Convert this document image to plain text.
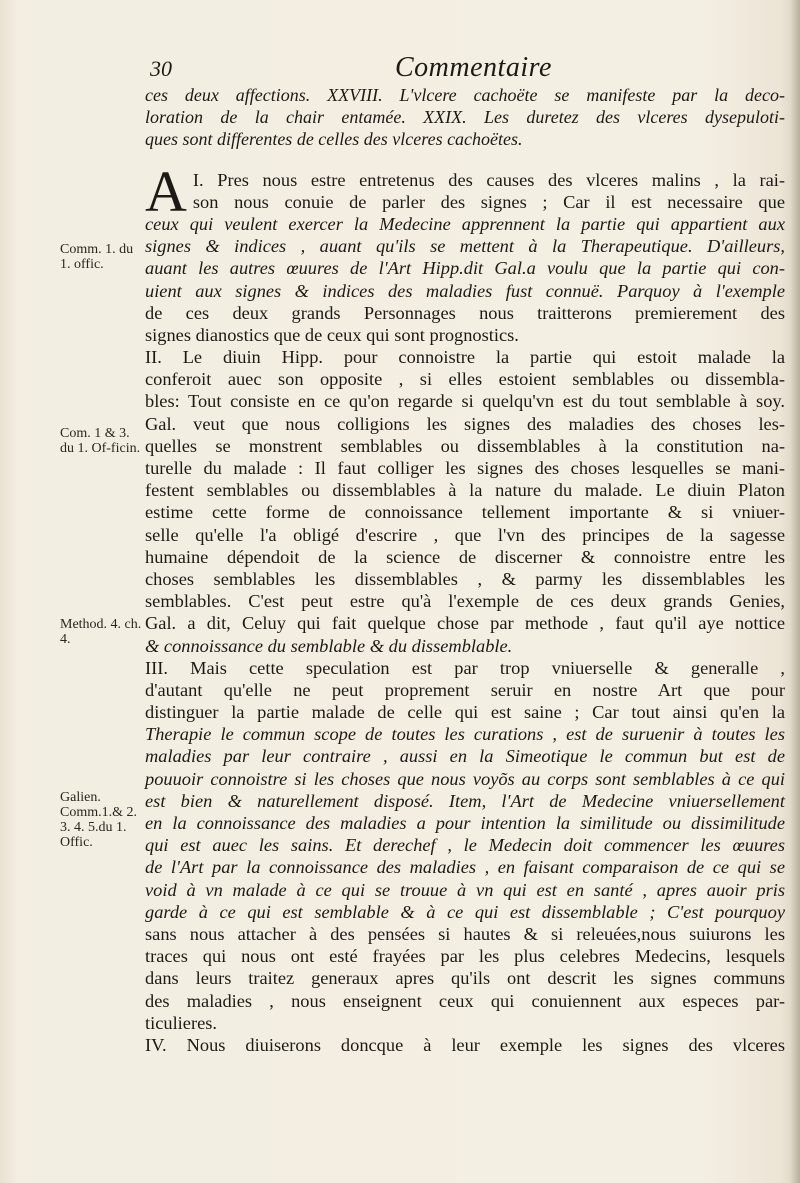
30	Commentaire
ces deux affections. XXVIII. L'vlcere cachoëte se manifeste par la deco-
loration de la chair entamée. XXIX. Les duretez des vlceres dysepuloti-
ques sont differentes de celles des vlceres cachoëtes.
I.
A Pres nous estre entretenus des causes des vlceres malins , la rai-
son nous conuie de parler des signes ; Car il est necessaire que
ceux qui veulent exercer la Medecine apprennent la partie qui appartient aux
signes & indices , auant qu'ils se mettent à la Therapeutique. D'ailleurs,
auant les autres œuures de l'Art Hipp.dit Gal.a voulu que la partie qui con-
uient aux signes & indices des maladies fust connuë. Parquoy à l'exemple
de ces deux grands Personnages nous traitterons premierement des
signes dianostics que de ceux qui sont prognostics.
II. Le diuin Hipp. pour connoistre la partie qui estoit malade la
conferoit auec son opposite , si elles estoient semblables ou dissembla-
bles: Tout consiste en ce qu'on regarde si quelqu'vn est du tout semblable à soy.
Gal. veut que nous colligions les signes des maladies des choses les-
quelles se monstrent semblables ou dissemblables à la constitution na-
turelle du malade : Il faut colliger les signes des choses lesquelles se mani-
festent semblables ou dissemblables à la nature du malade. Le diuin Platon
estime cette forme de connoissance tellement importante & si vniuer-
selle qu'elle l'a obligé d'escrire , que l'vn des principes de la sagesse
humaine dépendoit de la science de discerner & connoistre entre les
choses semblables les dissemblables , & parmy les dissemblables les
semblables. C'est peut estre qu'à l'exemple de ces deux grands Genies,
Gal. a dit, Celuy qui fait quelque chose par methode , faut qu'il aye nottice
& connoissance du semblable & du dissemblable.
III. Mais cette speculation est par trop vniuerselle & generalle ,
d'autant qu'elle ne peut proprement seruir en nostre Art que pour
distinguer la partie malade de celle qui est saine ; Car tout ainsi qu'en la
Therapie le commun scope de toutes les curations , est de suruenir à toutes les
maladies par leur contraire , aussi en la Simeotique le commun but est de
pouuoir connoistre si les choses que nous voyõs au corps sont semblables à ce qui
est bien & naturellement disposé. Item, l'Art de Medecine vniuersellement
en la connoissance des maladies a pour intention la similitude ou dissimilitude
qui est auec les sains. Et derechef , le Medecin doit commencer les œuures
de l'Art par la connoissance des maladies , en faisant comparaison de ce qui se
void à vn malade à ce qui se trouue à vn qui est en santé , apres auoir pris
garde à ce qui est semblable & à ce qui est dissemblable ; C'est pourquoy
sans nous attacher à des pensées si hautes & si releuées,nous suiurons les
traces qui nous ont esté frayées par les plus celebres Medecins, lesquels
dans leurs traitez generaux apres qu'ils ont descrit les signes communs
des maladies , nous enseignent ceux qui conuiennent aux especes par-
ticulieres.
IV. Nous diuiserons doncque à leur exemple les signes des vlceres
Comm. 1. du 1. offic.
Com. 1 & 3. du 1. Of-ficin.
Method. 4. ch. 4.
Galien. Comm.1.& 2. 3. 4. 5.du 1. Offic.
